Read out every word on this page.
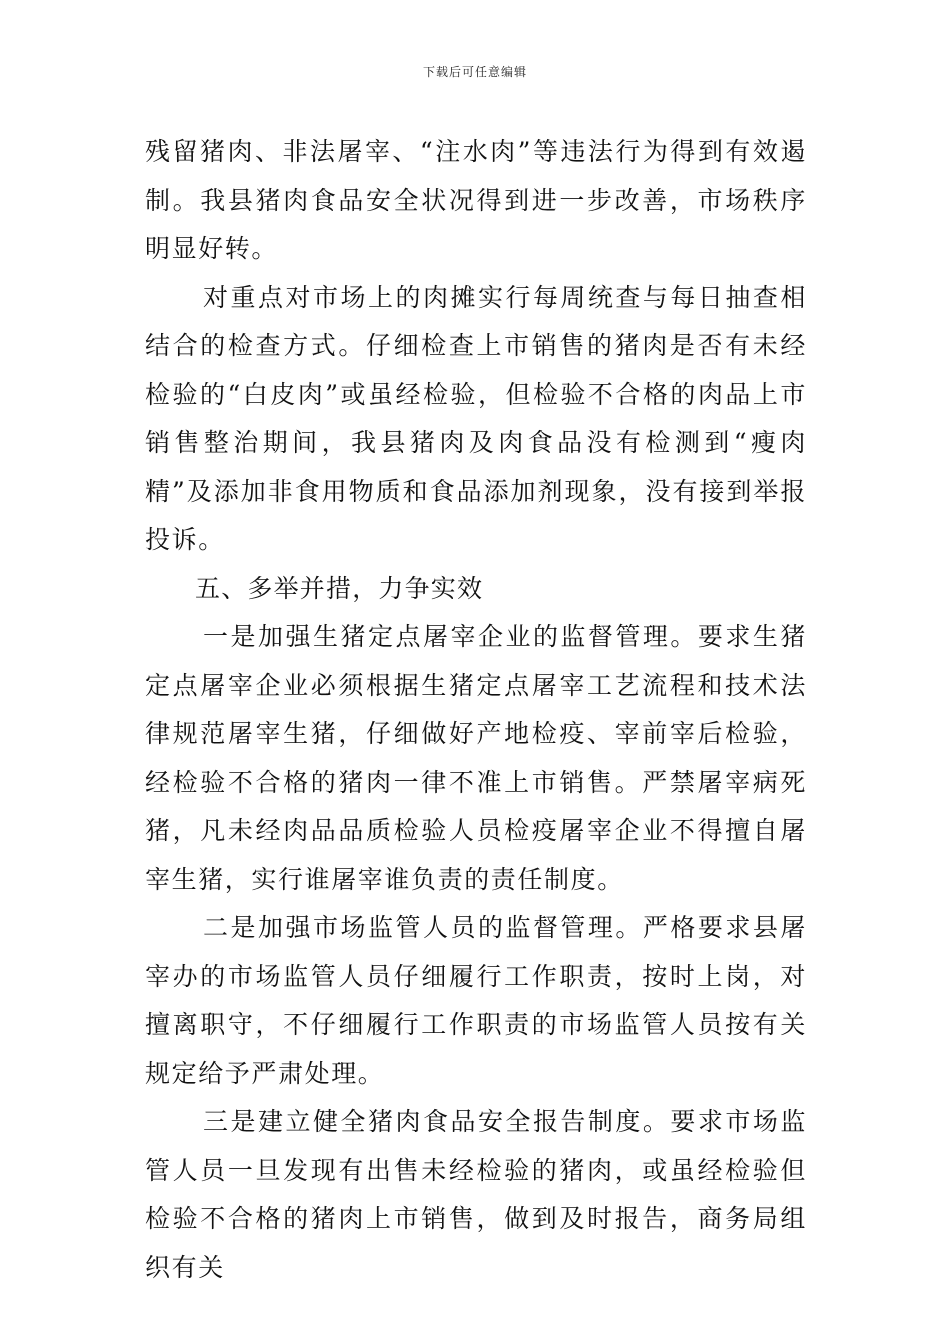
下载后可任意编辑

残留猪肉、非法屠宰、“注水肉”等违法行为得到有效遏制。我县猪肉食品安全状况得到进一步改善，市场秩序明显好转。

对重点对市场上的肉摊实行每周统查与每日抽查相结合的检查方式。仔细检查上市销售的猪肉是否有未经检验的“白皮肉”或虽经检验，但检验不合格的肉品上市销售整治期间，我县猪肉及肉食品没有检测到“瘦肉精”及添加非食用物质和食品添加剂现象，没有接到举报投诉。

五、多举并措，力争实效

一是加强生猪定点屠宰企业的监督管理。要求生猪定点屠宰企业必须根据生猪定点屠宰工艺流程和技术法律规范屠宰生猪，仔细做好产地检疫、宰前宰后检验，经检验不合格的猪肉一律不准上市销售。严禁屠宰病死猪，凡未经肉品品质检验人员检疫屠宰企业不得擅自屠宰生猪，实行谁屠宰谁负责的责任制度。

二是加强市场监管人员的监督管理。严格要求县屠宰办的市场监管人员仔细履行工作职责，按时上岗，对擅离职守，不仔细履行工作职责的市场监管人员按有关规定给予严肃处理。

三是建立健全猪肉食品安全报告制度。要求市场监管人员一旦发现有出售未经检验的猪肉，或虽经检验但检验不合格的猪肉上市销售，做到及时报告，商务局组织有关
